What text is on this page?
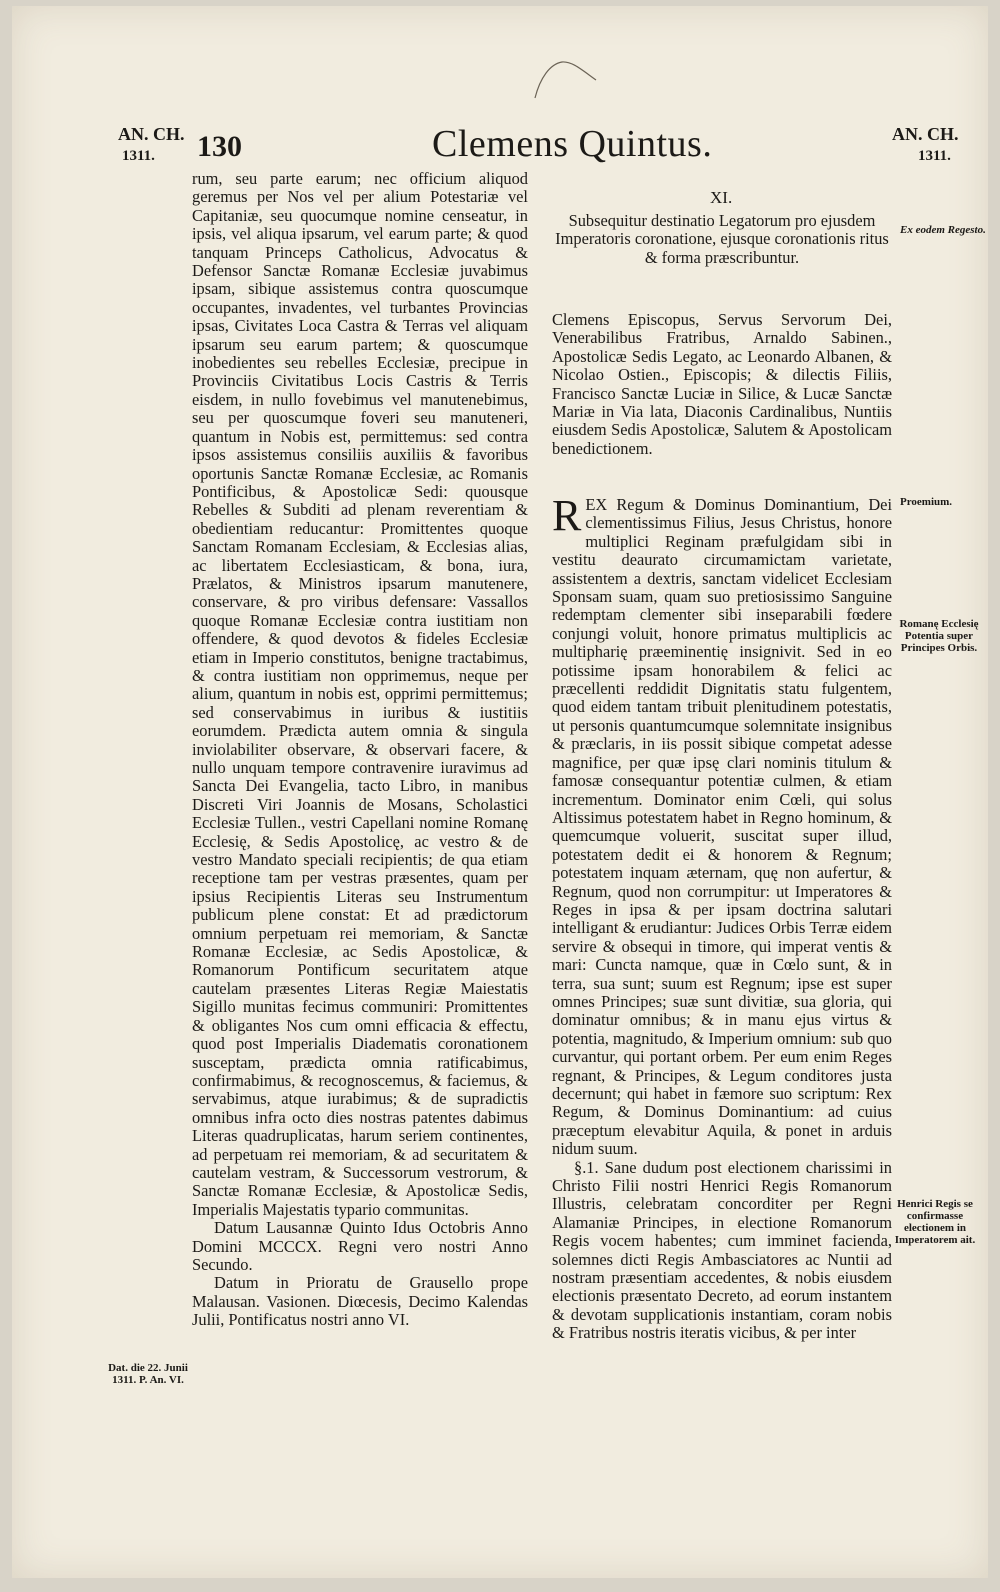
AN. CH.
1311. 130	Clemens Quintus.	AN. CH.
1311.

rum, seu parte earum; nec officium aliquod geremus per Nos vel per alium Potestariæ vel Capitaniæ, seu quocumque nomine censeatur, in ipsis, vel aliqua ipsarum, vel earum parte; & quod tanquam Princeps Catholicus, Advocatus & Defensor Sanctæ Romanæ Ecclesiæ juvabimus ipsam, sibique assistemus contra quoscumque occupantes, invadentes, vel turbantes Provincias ipsas, Civitates Loca Castra & Terras vel aliquam ipsarum seu earum partem; & quoscumque inobedientes seu rebelles Ecclesiæ, precipue in Provinciis Civitatibus Locis Castris & Terris eisdem, in nullo fovebimus vel manutenebimus, seu per quoscumque foveri seu manuteneri, quantum in Nobis est, permittemus: sed contra ipsos assistemus consiliis auxiliis & favoribus oportunis Sanctæ Romanæ Ecclesiæ, ac Romanis Pontificibus, & Apostolicæ Sedi: quousque Rebelles & Subditi ad plenam reverentiam & obedientiam reducantur: Promittentes quoque Sanctam Romanam Ecclesiam, & Ecclesias alias, ac libertatem Ecclesiasticam, & bona, iura, Prælatos, & Ministros ipsarum manutenere, conservare, & pro viribus defensare: Vassallos quoque Romanæ Ecclesiæ contra iustitiam non offendere, & quod devotos & fideles Ecclesiæ etiam in Imperio constitutos, benigne tractabimus, & contra iustitiam non opprimemus, neque per alium, quantum in nobis est, opprimi permittemus; sed conservabimus in iuribus & iustitiis eorumdem. Prædicta autem omnia & singula inviolabiliter observare, & observari facere, & nullo unquam tempore contravenire iuravimus ad Sancta Dei Evangelia, tacto Libro, in manibus Discreti Viri Joannis de Mosans, Scholastici Ecclesiæ Tullen., vestri Capellani nomine Romanę Ecclesię, & Sedis Apostolicę, ac vestro & de vestro Mandato speciali recipientis; de qua etiam receptione tam per vestras præsentes, quam per ipsius Recipientis Literas seu Instrumentum publicum plene constat: Et ad prædictorum omnium perpetuam rei memoriam, & Sanctæ Romanæ Ecclesiæ, ac Sedis Apostolicæ, & Romanorum Pontificum securitatem atque cautelam præsentes Literas Regiæ Maiestatis Sigillo munitas fecimus communiri: Promittentes & obligantes Nos cum omni efficacia & effectu, quod post Imperialis Diadematis coronationem susceptam, prædicta omnia ratificabimus, confirmabimus, & recognoscemus, & faciemus, & servabimus, atque iurabimus; & de supradictis omnibus infra octo dies nostras patentes dabimus Literas quadruplicatas, harum seriem continentes, ad perpetuam rei memoriam, & ad securitatem & cautelam vestram, & Successorum vestrorum, & Sanctæ Romanæ Ecclesiæ, & Apostolicæ Sedis, Imperialis Majestatis typario communitas.

Datum Lausannæ Quinto Idus Octobris Anno Domini MCCCX. Regni vero nostri Anno Secundo.

Datum in Prioratu de Grausello prope Malausan. Vasionen. Diœcesis, Decimo Kalendas Julii, Pontificatus nostri anno VI.

XI.
Subsequitur destinatio Legatorum pro ejusdem Imperatoris coronatione, ejusque coronationis ritus & forma præscribuntur.
Clemens Episcopus, Servus Servorum Dei, Venerabilibus Fratribus, Arnaldo Sabinen., Apostolicæ Sedis Legato, ac Leonardo Albanen, & Nicolao Ostien., Episcopis; & dilectis Filiis, Francisco Sanctæ Luciæ in Silice, & Lucæ Sanctæ Mariæ in Via lata, Diaconis Cardinalibus, Nuntiis eiusdem Sedis Apostolicæ, Salutem & Apostolicam benedictionem.
R EX Regum & Dominus Dominantium, Dei clementissimus Filius, Jesus Christus, honore multiplici Reginam præfulgidam sibi in vestitu deaurato circumamictam varietate, assistentem a dextris, sanctam videlicet Ecclesiam Sponsam suam, quam suo pretiosissimo Sanguine redemptam clementer sibi inseparabili fœdere conjungi voluit, honore primatus multiplicis ac multipharię præeminentię insignivit. Sed in eo potissime ipsam honorabilem & felici ac præcellenti reddidit Dignitatis statu fulgentem, quod eidem tantam tribuit plenitudinem potestatis, ut personis quantumcumque solemnitate insignibus & præclaris, in iis possit sibique competat adesse magnifice, per quæ ipsę clari nominis titulum & famosæ consequantur potentiæ culmen, & etiam incrementum. Dominator enim Cœli, qui solus Altissimus potestatem habet in Regno hominum, & quemcumque voluerit, suscitat super illud, potestatem dedit ei & honorem & Regnum; potestatem inquam æternam, quę non aufertur, & Regnum, quod non corrumpitur: ut Imperatores & Reges in ipsa & per ipsam doctrina salutari intelligant & erudiantur: Judices Orbis Terræ eidem servire & obsequi in timore, qui imperat ventis & mari: Cuncta namque, quæ in Cœlo sunt, & in terra, sua sunt; suum est Regnum; ipse est super omnes Principes; suæ sunt divitiæ, sua gloria, qui dominatur omnibus; & in manu ejus virtus & potentia, magnitudo, & Imperium omnium: sub quo curvantur, qui portant orbem. Per eum enim Reges regnant, & Principes, & Legum conditores justa decernunt; qui habet in fæmore suo scriptum: Rex Regum, & Dominus Dominantium: ad cuius præceptum elevabitur Aquila, & ponet in arduis nidum suum.

§.1. Sane dudum post electionem charissimi in Christo Filii nostri Henrici Regis Romanorum Illustris, celebratam concorditer per Regni Alamaniæ Principes, in electione Romanorum Regis vocem habentes; cum imminet facienda, solemnes dicti Regis Ambasciatores ac Nuntii ad nostram præsentiam accedentes, & nobis eiusdem electionis præsentato Decreto, ad eorum instantem & devotam supplicationis instantiam, coram nobis & Fratribus nostris iteratis vicibus, & per inter

Ex eodem Regesto.
Proemium.
Romanę Ecclesię Potentia super Principes Orbis.
Henrici Regis se confirmasse electionem in Imperatorem ait.
Dat. die 22. Junii 1311. P. An. VI.
